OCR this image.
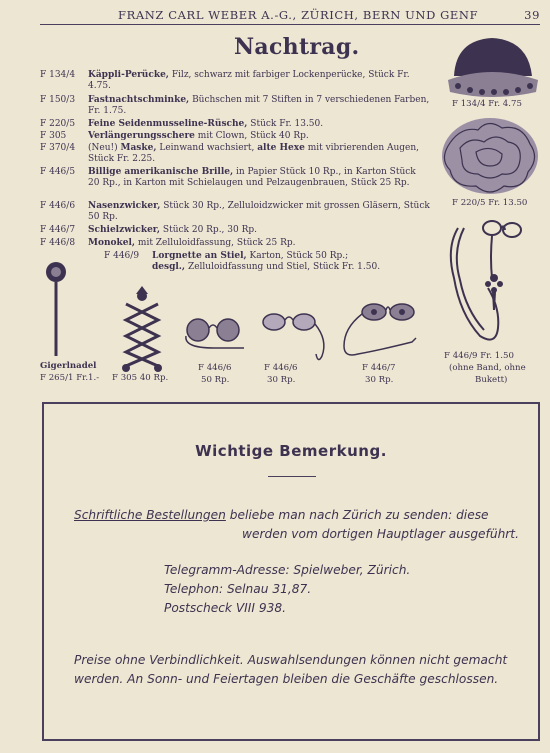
FRANZ CARL WEBER A.-G., ZÜRICH, BERN UND GENF	39
Nachtrag.
F 134/4	Käppli-Perücke, Filz, schwarz mit farbiger Lockenperücke, Stück Fr. 4.75.
F 150/3	Fastnachtschminke, Büchschen mit 7 Stiften in 7 verschiedenen Farben, Fr. 1.75.
F 220/5	Feine Seidenmusseline-Rüsche, Stück Fr. 13.50.
F 305	Verlängerungsschere mit Clown, Stück 40 Rp.
F 370/4	(Neu!) Maske, Leinwand wachsiert, alte Hexe mit vibrierenden Augen, Stück Fr. 2.25.
F 446/5	Billige amerikanische Brille, in Papier Stück 10 Rp., in Karton Stück 20 Rp., in Karton mit Schielaugen und Pelzaugenbrauen, Stück 25 Rp.
F 446/6	Nasenzwicker, Stück 30 Rp., Zelluloidzwicker mit grossen Gläsern, Stück 50 Rp.
F 446/7	Schielzwicker, Stück 20 Rp., 30 Rp.
F 446/8	Monokel, mit Zelluloidfassung, Stück 25 Rp.
F 446/9	Lorgnette an Stiel, Karton, Stück 50 Rp.;
desgl., Zelluloidfassung und Stiel, Stück Fr. 1.50.
F 134/4 Fr. 4.75
F 220/5 Fr. 13.50
F 446/9 Fr. 1.50
(ohne Band, ohne
Bukett)
Gigerlnadel
F 265/1 Fr.1.- F 305 40 Rp.
F 446/6
50 Rp.
F 446/6
30 Rp.
F 446/7
30 Rp.
Wichtige Bemerkung.
Schriftliche Bestellungen beliebe man nach Zürich zu senden: diese
werden vom dortigen Hauptlager ausgeführt.
Telegramm-Adresse: Spielweber, Zürich.
Telephon: Selnau 31,87.
Postscheck VIII 938.
Preise ohne Verbindlichkeit. Auswahlsendungen können nicht gemacht
werden. An Sonn- und Feiertagen bleiben die Geschäfte geschlossen.
